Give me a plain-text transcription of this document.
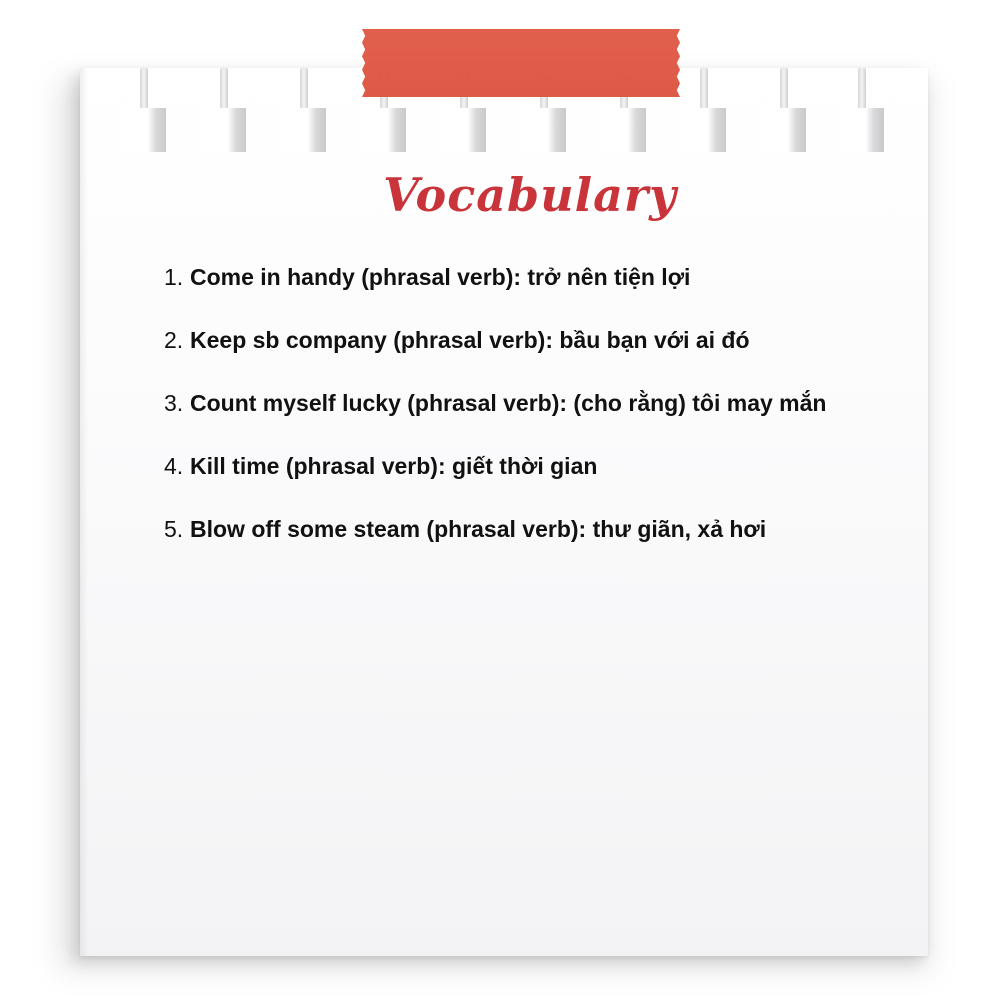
Vocabulary
1. Come in handy (phrasal verb): trở nên tiện lợi
2. Keep sb company (phrasal verb): bầu bạn với ai đó
3. Count myself lucky (phrasal verb): (cho rằng) tôi may mắn
4. Kill time (phrasal verb): giết thời gian
5. Blow off some steam (phrasal verb): thư giãn, xả hơi
